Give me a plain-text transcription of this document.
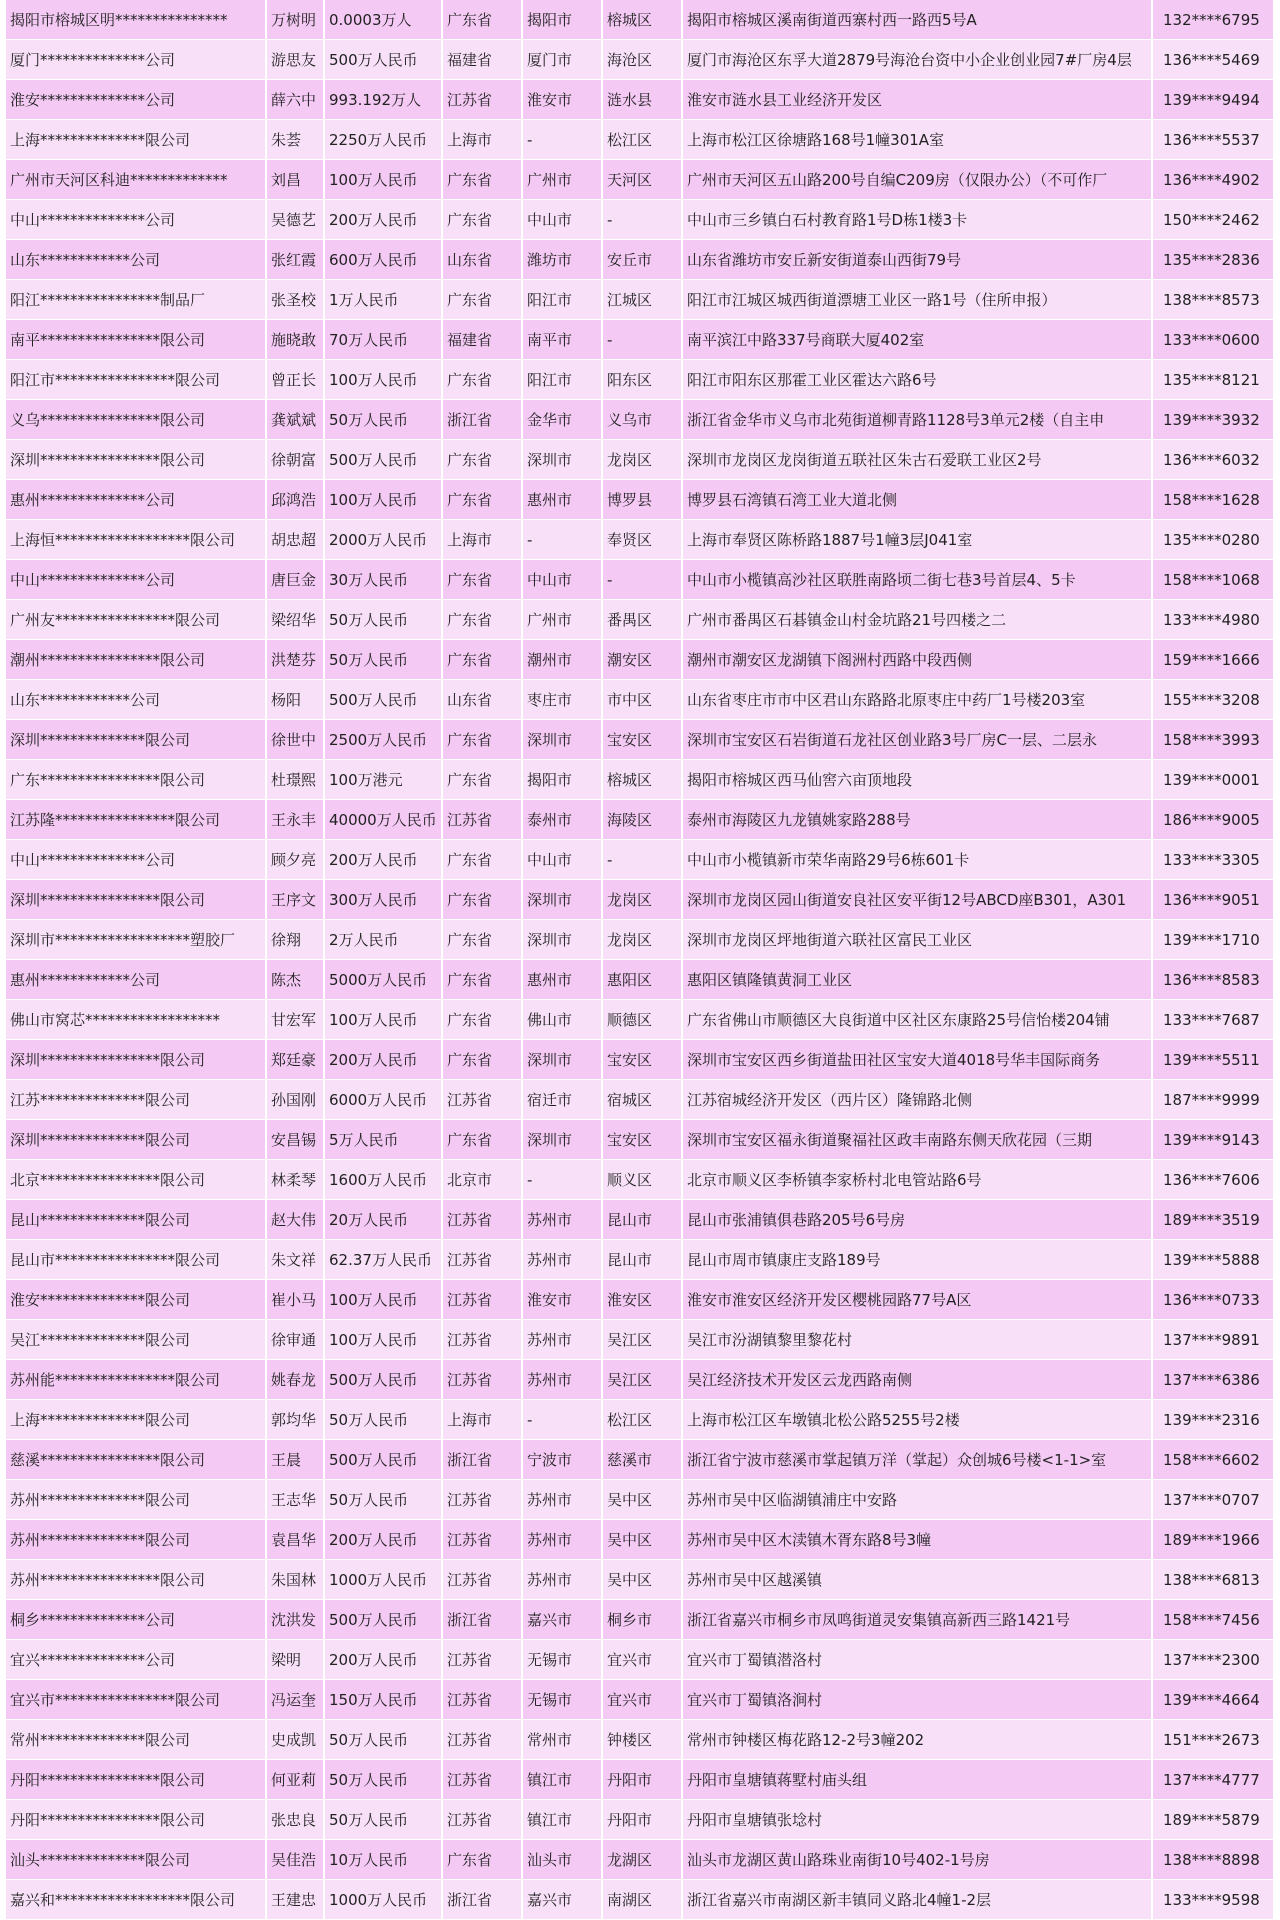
揭阳市榕城区明***************	万树明	0.0003万人	广东省	揭阳市	榕城区	揭阳市榕城区溪南街道西寨村西一路西5号A	132****6795
厦门**************公司	游思友	500万人民币	福建省	厦门市	海沧区	厦门市海沧区东孚大道2879号海沧台资中小企业创业园7#厂房4层	136****5469
淮安**************公司	薛六中	993.192万人	江苏省	淮安市	涟水县	淮安市涟水县工业经济开发区	139****9494
上海**************限公司	朱荟	2250万人民币	上海市	-	松江区	上海市松江区徐塘路168号1幢301A室	136****5537
广州市天河区科迪*************	刘昌	100万人民币	广东省	广州市	天河区	广州市天河区五山路200号自编C209房（仅限办公）（不可作厂	136****4902
中山**************公司	吴德艺	200万人民币	广东省	中山市	-	中山市三乡镇白石村教育路1号D栋1楼3卡	150****2462
山东************公司	张红霞	600万人民币	山东省	潍坊市	安丘市	山东省潍坊市安丘新安街道泰山西街79号	135****2836
阳江****************制品厂	张圣校	1万人民币	广东省	阳江市	江城区	阳江市江城区城西街道漂塘工业区一路1号（住所申报）	138****8573
南平****************限公司	施晓敢	70万人民币	福建省	南平市	-	南平滨江中路337号商联大厦402室	133****0600
阳江市****************限公司	曾正长	100万人民币	广东省	阳江市	阳东区	阳江市阳东区那霍工业区霍达六路6号	135****8121
义乌****************限公司	龚斌斌	50万人民币	浙江省	金华市	义乌市	浙江省金华市义乌市北苑街道柳青路1128号3单元2楼（自主申	139****3932
深圳****************限公司	徐朝富	500万人民币	广东省	深圳市	龙岗区	深圳市龙岗区龙岗街道五联社区朱古石爱联工业区2号	136****6032
惠州**************公司	邱鸿浩	100万人民币	广东省	惠州市	博罗县	博罗县石湾镇石湾工业大道北侧	158****1628
上海恒******************限公司	胡忠超	2000万人民币	上海市	-	奉贤区	上海市奉贤区陈桥路1887号1幢3层J041室	135****0280
中山**************公司	唐巨金	30万人民币	广东省	中山市	-	中山市小榄镇高沙社区联胜南路顷二街七巷3号首层4、5卡	158****1068
广州友****************限公司	梁绍华	50万人民币	广东省	广州市	番禺区	广州市番禺区石碁镇金山村金坑路21号四楼之二	133****4980
潮州****************限公司	洪楚芬	50万人民币	广东省	潮州市	潮安区	潮州市潮安区龙湖镇下阁洲村西路中段西侧	159****1666
山东************公司	杨阳	500万人民币	山东省	枣庄市	市中区	山东省枣庄市市中区君山东路路北原枣庄中药厂1号楼203室	155****3208
深圳**************限公司	徐世中	2500万人民币	广东省	深圳市	宝安区	深圳市宝安区石岩街道石龙社区创业路3号厂房C一层、二层永	158****3993
广东****************限公司	杜璟熙	100万港元	广东省	揭阳市	榕城区	揭阳市榕城区西马仙窖六亩顶地段	139****0001
江苏隆****************限公司	王永丰	40000万人民币	江苏省	泰州市	海陵区	泰州市海陵区九龙镇姚家路288号	186****9005
中山**************公司	顾夕亮	200万人民币	广东省	中山市	-	中山市小榄镇新市荣华南路29号6栋601卡	133****3305
深圳****************限公司	王序文	300万人民币	广东省	深圳市	龙岗区	深圳市龙岗区园山街道安良社区安平街12号ABCD座B301，A301	136****9051
深圳市******************塑胶厂	徐翔	2万人民币	广东省	深圳市	龙岗区	深圳市龙岗区坪地街道六联社区富民工业区	139****1710
惠州************公司	陈杰	5000万人民币	广东省	惠州市	惠阳区	惠阳区镇隆镇黄洞工业区	136****8583
佛山市窝芯******************	甘宏军	100万人民币	广东省	佛山市	顺德区	广东省佛山市顺德区大良街道中区社区东康路25号信怡楼204铺	133****7687
深圳****************限公司	郑廷豪	200万人民币	广东省	深圳市	宝安区	深圳市宝安区西乡街道盐田社区宝安大道4018号华丰国际商务	139****5511
江苏**************限公司	孙国刚	6000万人民币	江苏省	宿迁市	宿城区	江苏宿城经济开发区（西片区）隆锦路北侧	187****9999
深圳**************限公司	安昌锡	5万人民币	广东省	深圳市	宝安区	深圳市宝安区福永街道聚福社区政丰南路东侧天欣花园（三期	139****9143
北京****************限公司	林柔琴	1600万人民币	北京市	-	顺义区	北京市顺义区李桥镇李家桥村北电管站路6号	136****7606
昆山**************限公司	赵大伟	20万人民币	江苏省	苏州市	昆山市	昆山市张浦镇俱巷路205号6号房	189****3519
昆山市****************限公司	朱文祥	62.37万人民币	江苏省	苏州市	昆山市	昆山市周市镇康庄支路189号	139****5888
淮安**************限公司	崔小马	100万人民币	江苏省	淮安市	淮安区	淮安市淮安区经济开发区樱桃园路77号A区	136****0733
吴江**************限公司	徐审通	100万人民币	江苏省	苏州市	吴江区	吴江市汾湖镇黎里黎花村	137****9891
苏州能****************限公司	姚春龙	500万人民币	江苏省	苏州市	吴江区	吴江经济技术开发区云龙西路南侧	137****6386
上海**************限公司	郭均华	50万人民币	上海市	-	松江区	上海市松江区车墩镇北松公路5255号2楼	139****2316
慈溪****************限公司	王晨	500万人民币	浙江省	宁波市	慈溪市	浙江省宁波市慈溪市掌起镇万洋（掌起）众创城6号楼<1-1>室	158****6602
苏州**************限公司	王志华	50万人民币	江苏省	苏州市	吴中区	苏州市吴中区临湖镇浦庄中安路	137****0707
苏州**************限公司	袁昌华	200万人民币	江苏省	苏州市	吴中区	苏州市吴中区木渎镇木胥东路8号3幢	189****1966
苏州****************限公司	朱国林	1000万人民币	江苏省	苏州市	吴中区	苏州市吴中区越溪镇	138****6813
桐乡**************公司	沈洪发	500万人民币	浙江省	嘉兴市	桐乡市	浙江省嘉兴市桐乡市凤鸣街道灵安集镇高新西三路1421号	158****7456
宜兴**************公司	梁明	200万人民币	江苏省	无锡市	宜兴市	宜兴市丁蜀镇潜洛村	137****2300
宜兴市****************限公司	冯运奎	150万人民币	江苏省	无锡市	宜兴市	宜兴市丁蜀镇洛涧村	139****4664
常州**************限公司	史成凯	50万人民币	江苏省	常州市	钟楼区	常州市钟楼区梅花路12-2号3幢202	151****2673
丹阳****************限公司	何亚莉	50万人民币	江苏省	镇江市	丹阳市	丹阳市皇塘镇蒋墅村庙头组	137****4777
丹阳****************限公司	张忠良	50万人民币	江苏省	镇江市	丹阳市	丹阳市皇塘镇张埝村	189****5879
汕头**************限公司	吴佳浩	10万人民币	广东省	汕头市	龙湖区	汕头市龙湖区黄山路珠业南街10号402-1号房	138****8898
嘉兴和******************限公司	王建忠	1000万人民币	浙江省	嘉兴市	南湖区	浙江省嘉兴市南湖区新丰镇同义路北4幢1-2层	133****9598
